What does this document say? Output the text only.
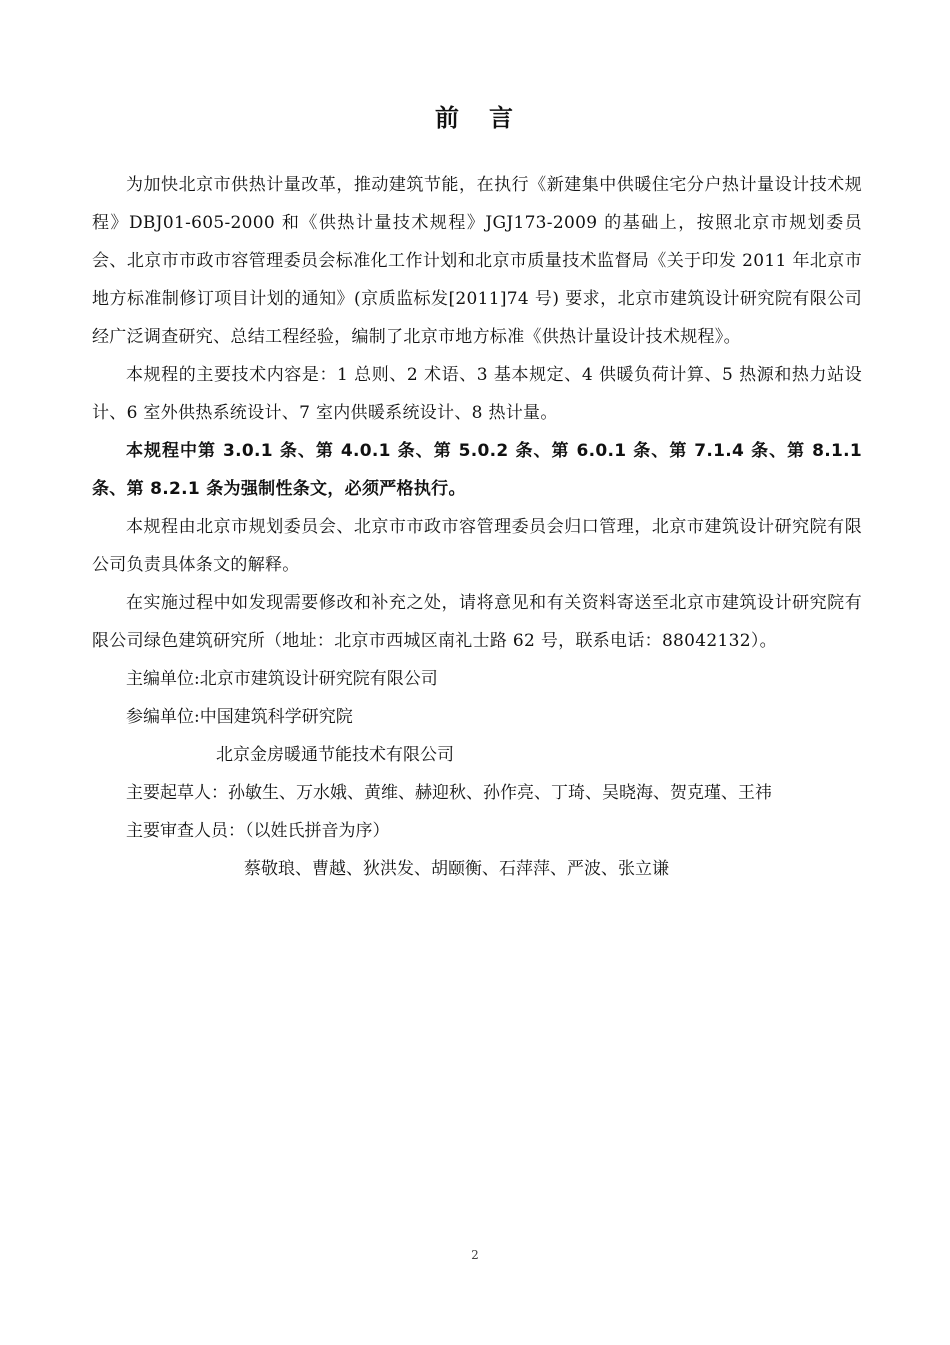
前 言

为加快北京市供热计量改革，推动建筑节能，在执行《新建集中供暖住宅分户热计量设计技术规程》DBJ01-605-2000 和《供热计量技术规程》JGJ173-2009 的基础上，按照北京市规划委员会、北京市市政市容管理委员会标准化工作计划和北京市质量技术监督局《关于印发 2011 年北京市地方标准制修订项目计划的通知》(京质监标发[2011]74 号) 要求，北京市建筑设计研究院有限公司经广泛调查研究、总结工程经验，编制了北京市地方标准《供热计量设计技术规程》。

本规程的主要技术内容是：1 总则、2 术语、3 基本规定、4 供暖负荷计算、5 热源和热力站设计、6 室外供热系统设计、7 室内供暖系统设计、8 热计量。

本规程中第 3.0.1 条、第 4.0.1 条、第 5.0.2 条、第 6.0.1 条、第 7.1.4 条、第 8.1.1 条、第 8.2.1 条为强制性条文，必须严格执行。

本规程由北京市规划委员会、北京市市政市容管理委员会归口管理，北京市建筑设计研究院有限公司负责具体条文的解释。

在实施过程中如发现需要修改和补充之处，请将意见和有关资料寄送至北京市建筑设计研究院有限公司绿色建筑研究所（地址：北京市西城区南礼士路 62 号，联系电话：88042132）。

主编单位:北京市建筑设计研究院有限公司

参编单位:中国建筑科学研究院

北京金房暖通节能技术有限公司

主要起草人：孙敏生、万水娥、黄维、赫迎秋、孙作亮、丁琦、吴晓海、贺克瑾、王祎

主要审查人员：（以姓氏拼音为序）

蔡敬琅、曹越、狄洪发、胡颐衡、石萍萍、严波、张立谦

2
